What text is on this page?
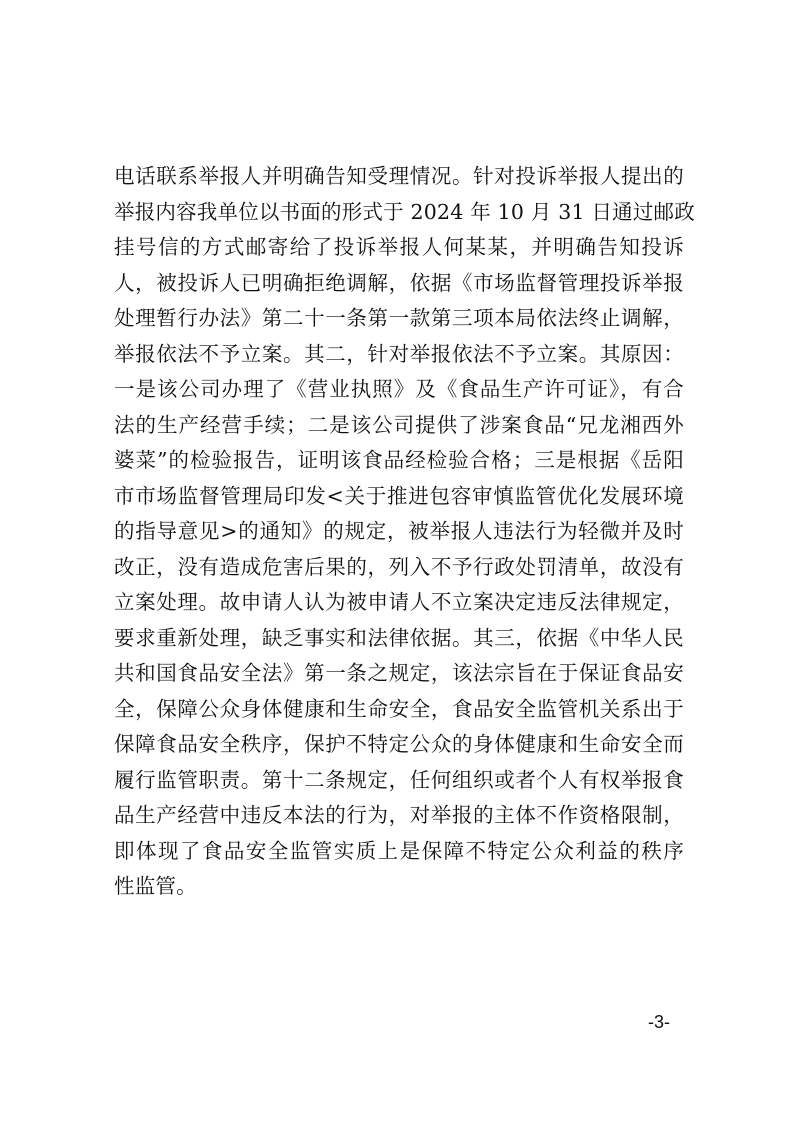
电话联系举报人并明确告知受理情况。针对投诉举报人提出的
举报内容我单位以书面的形式于 2024 年 10 月 31 日通过邮政
挂号信的方式邮寄给了投诉举报人何某某，并明确告知投诉
人，被投诉人已明确拒绝调解，依据《市场监督管理投诉举报
处理暂行办法》第二十一条第一款第三项本局依法终止调解，
举报依法不予立案。其二，针对举报依法不予立案。其原因：
一是该公司办理了《营业执照》及《食品生产许可证》，有合
法的生产经营手续；二是该公司提供了涉案食品“兄龙湘西外
婆菜”的检验报告，证明该食品经检验合格；三是根据《岳阳
市市场监督管理局印发<关于推进包容审慎监管优化发展环境
的指导意见>的通知》的规定，被举报人违法行为轻微并及时
改正，没有造成危害后果的，列入不予行政处罚清单，故没有
立案处理。故申请人认为被申请人不立案决定违反法律规定，
要求重新处理，缺乏事实和法律依据。其三，依据《中华人民
共和国食品安全法》第一条之规定，该法宗旨在于保证食品安
全，保障公众身体健康和生命安全，食品安全监管机关系出于
保障食品安全秩序，保护不特定公众的身体健康和生命安全而
履行监管职责。第十二条规定，任何组织或者个人有权举报食
品生产经营中违反本法的行为，对举报的主体不作资格限制，
即体现了食品安全监管实质上是保障不特定公众利益的秩序
性监管。
-3-
